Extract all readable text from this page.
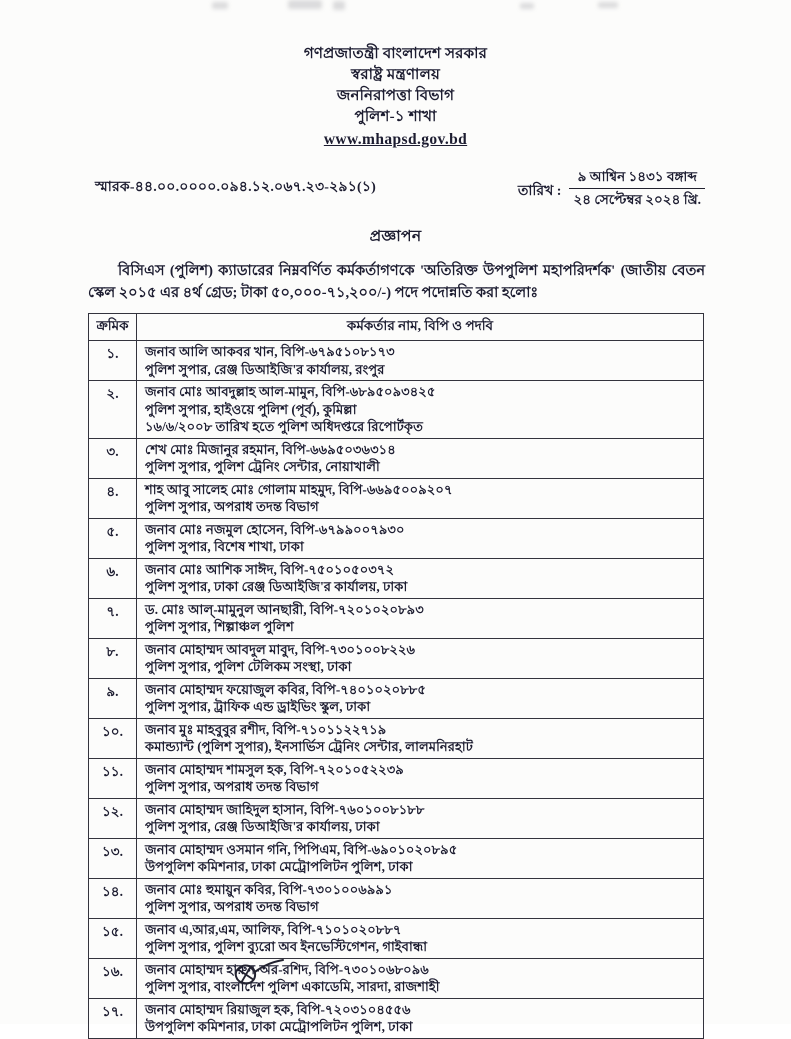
গণপ্রজাতন্ত্রী বাংলাদেশ সরকার
স্বরাষ্ট্র মন্ত্রণালয়
জননিরাপত্তা বিভাগ
পুলিশ-১ শাখা
www.mhapsd.gov.bd
স্মারক-৪৪.০০.০০০০.০৯৪.১২.০৬৭.২৩-২৯১(১)	তারিখ : $\frac{\text{৯ আশ্বিন ১৪৩১ বঙ্গাব্দ}}{\text{২৪ সেপ্টেম্বর ২০২৪ খ্রি.}}$
প্রজ্ঞাপন
বিসিএস (পুলিশ) ক্যাডারের নিম্নবর্ণিত কর্মকর্তাগণকে 'অতিরিক্ত উপপুলিশ মহাপরিদর্শক' (জাতীয় বেতন স্কেল ২০১৫ এর ৪র্থ গ্রেড; টাকা ৫০,০০০-৭১,২০০/-) পদে পদোন্নতি করা হলোঃ
ক্রমিক	কর্মকর্তার নাম, বিপি ও পদবি
১.	জনাব আলি আকবর খান, বিপি-৬৭৯৫১০৮১৭৩
পুলিশ সুপার, রেঞ্জ ডিআইজি'র কার্যালয়, রংপুর

২.	জনাব মোঃ আবদুল্লাহ আল-মামুন, বিপি-৬৮৯৫০৯৩৪২৫
পুলিশ সুপার, হাইওয়ে পুলিশ (পূর্ব), কুমিল্লা
১৬/৬/২০০৮ তারিখ হতে পুলিশ অধিদপ্তরে রিপোর্টকৃত

৩.	শেখ মোঃ মিজানুর রহমান, বিপি-৬৬৯৫০৩৬৩১৪
পুলিশ সুপার, পুলিশ ট্রেনিং সেন্টার, নোয়াখালী

৪.	শাহ আবু সালেহ মোঃ গোলাম মাহমুদ, বিপি-৬৬৯৫০০৯২০৭
পুলিশ সুপার, অপরাধ তদন্ত বিভাগ

৫.	জনাব মোঃ নজমুল হোসেন, বিপি-৬৭৯৯০০৭৯৩০
পুলিশ সুপার, বিশেষ শাখা, ঢাকা

৬.	জনাব মোঃ আশিক সাঈদ, বিপি-৭৫০১০৫০৩৭২
পুলিশ সুপার, ঢাকা রেঞ্জ ডিআইজি'র কার্যালয়, ঢাকা

৭.	ড. মোঃ আল্-মামুনুল আনছারী, বিপি-৭২০১০২০৮৯৩
পুলিশ সুপার, শিল্পাঞ্চল পুলিশ

৮.	জনাব মোহাম্মদ আবদুল মাবুদ, বিপি-৭৩০১০০৮২২৬
পুলিশ সুপার, পুলিশ টেলিকম সংস্থা, ঢাকা

৯.	জনাব মোহাম্মদ ফয়োজুল কবির, বিপি-৭৪০১০২০৮৮৫
পুলিশ সুপার, ট্রাফিক এন্ড ড্রাইভিং স্কুল, ঢাকা

১০.	জনাব মুঃ মাহবুবুর রশীদ, বিপি-৭১০১১২২৭১৯
কমান্ড্যান্ট (পুলিশ সুপার), ইনসার্ভিস ট্রেনিং সেন্টার, লালমনিরহাট

১১.	জনাব মোহাম্মদ শামসুল হক, বিপি-৭২০১০৫২২৩৯
পুলিশ সুপার, অপরাধ তদন্ত বিভাগ

১২.	জনাব মোহাম্মদ জাহিদুল হাসান, বিপি-৭৬০১০০৮১৮৮
পুলিশ সুপার, রেঞ্জ ডিআইজি'র কার্যালয়, ঢাকা

১৩.	জনাব মোহাম্মদ ওসমান গনি, পিপিএম, বিপি-৬৯০১০২০৮৯৫
উপপুলিশ কমিশনার, ঢাকা মেট্রোপলিটন পুলিশ, ঢাকা

১৪.	জনাব মোঃ হুমায়ুন কবির, বিপি-৭৩০১০০৬৯৯১
পুলিশ সুপার, অপরাধ তদন্ত বিভাগ

১৫.	জনাব এ,আর,এম, আলিফ, বিপি-৭১০১০২০৮৮৭
পুলিশ সুপার, পুলিশ ব্যুরো অব ইনভেস্টিগেশন, গাইবান্ধা

১৬.	জনাব মোহাম্মদ হারুন-অর-রশিদ, বিপি-৭৩০১০৬৮০৯৬
পুলিশ সুপার, বাংলাদেশ পুলিশ একাডেমি, সারদা, রাজশাহী

১৭.	জনাব মোহাম্মদ রিয়াজুল হক, বিপি-৭২০৩১০৪৫৫৬
উপপুলিশ কমিশনার, ঢাকা মেট্রোপলিটন পুলিশ, ঢাকা
